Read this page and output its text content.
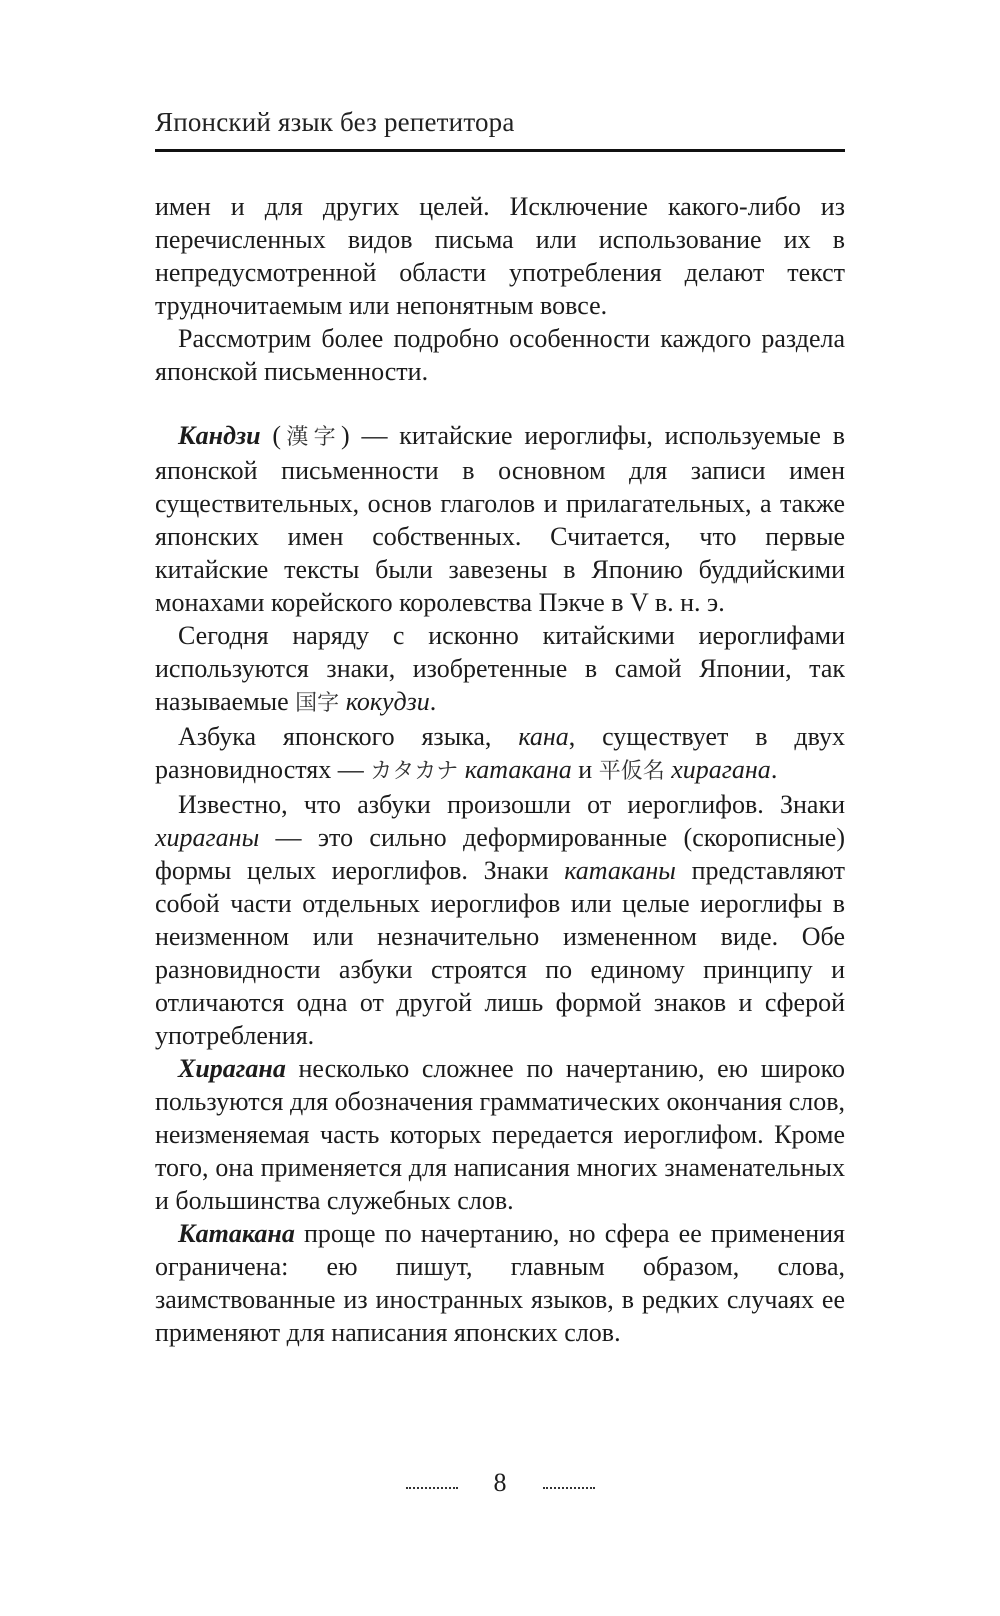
Японский язык без репетитора

имен и для других целей. Исключение какого-либо из перечисленных видов письма или использование их в непредусмотренной области употребления делают текст трудночитаемым или непонятным вовсе.

Рассмотрим более подробно особенности каждого раздела японской письменности.

Кандзи (漢字) — китайские иероглифы, используемые в японской письменности в основном для записи имен существительных, основ глаголов и прилагательных, а также японских имен собственных. Считается, что первые китайские тексты были завезены в Японию буддийскими монахами корейского королевства Пэкче в V в. н. э.

Сегодня наряду с исконно китайскими иероглифами используются знаки, изобретенные в самой Японии, так называемые 国字 кокудзи.

Азбука японского языка, кана, существует в двух разновидностях — カタカナ катакана и 平仮名 хирагана.

Известно, что азбуки произошли от иероглифов. Знаки хираганы — это сильно деформированные (скорописные) формы целых иероглифов. Знаки катаканы представляют собой части отдельных иероглифов или целые иероглифы в неизменном или незначительно измененном виде. Обе разновидности азбуки строятся по единому принципу и отличаются одна от другой лишь формой знаков и сферой употребления.

Хирагана несколько сложнее по начертанию, ею широко пользуются для обозначения грамматических окончания слов, неизменяемая часть которых передается иероглифом. Кроме того, она применяется для написания многих знаменательных и большинства служебных слов.

Катакана проще по начертанию, но сфера ее применения ограничена: ею пишут, главным образом, слова, заимствованные из иностранных языков, в редких случаях ее применяют для написания японских слов.

8
